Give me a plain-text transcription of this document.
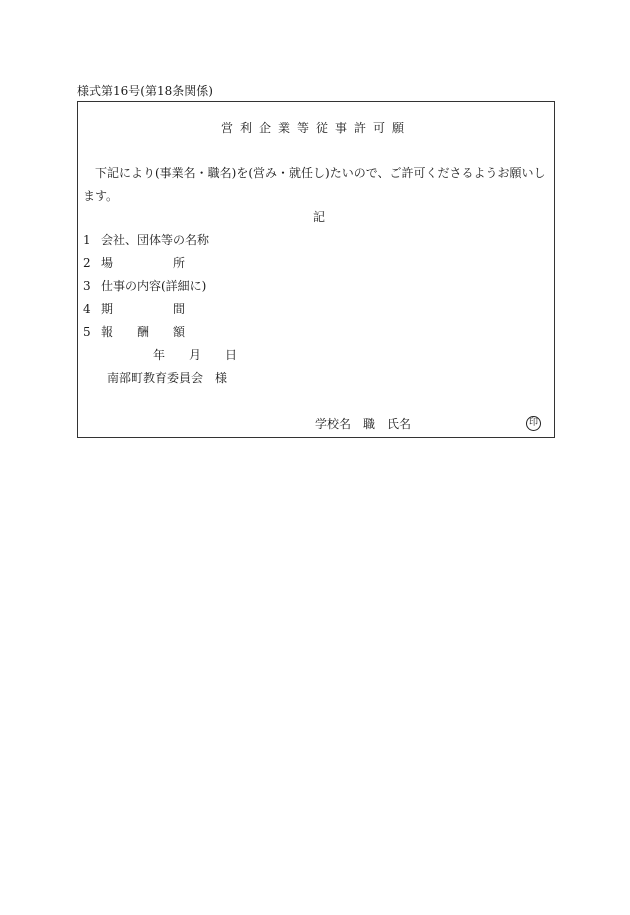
様式第16号(第18条関係)
営利企業等従事許可願
下記により(事業名・職名)を(営み・就任し)たいので、ご許可くださるようお願いします。
記
1 会社、団体等の名称
2 場　　　　　所
3 仕事の内容(詳細に)
4 期　　　　　間
5 報　　酬　　額
年　　月　　日
南部町教育委員会　様
学校名　職　氏名	印
